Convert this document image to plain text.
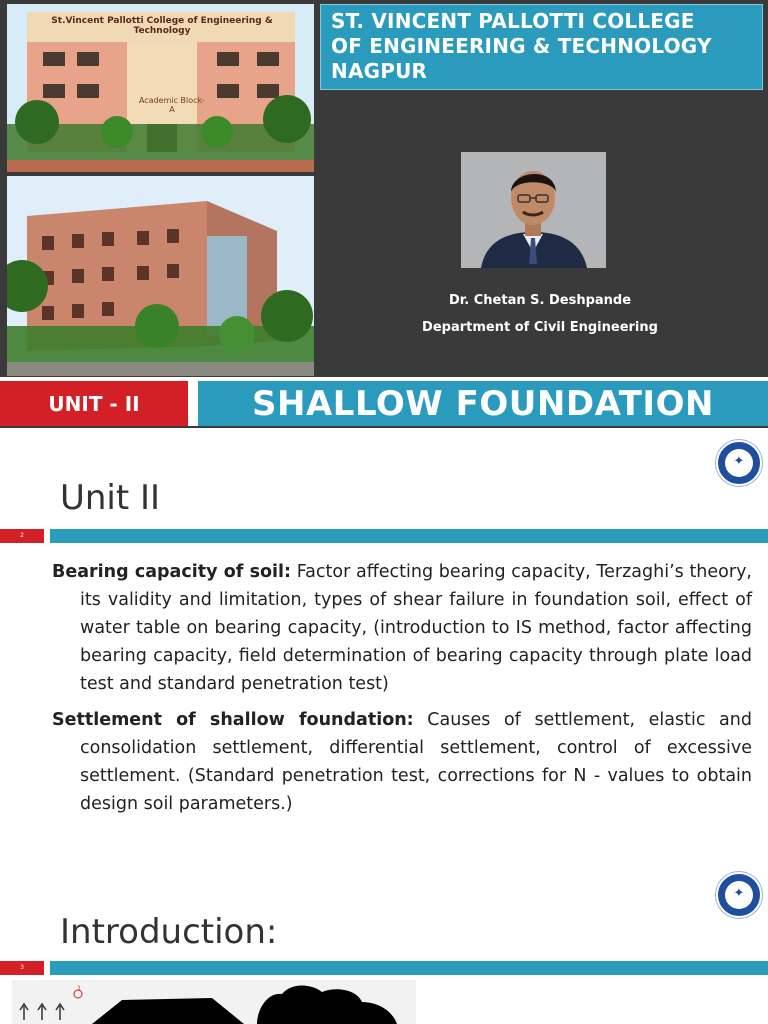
St.Vincent Pallotti College of Engineering & Technology
Academic Block-A
ST. VINCENT PALLOTTI COLLEGE
OF ENGINEERING & TECHNOLOGY
NAGPUR
Dr. Chetan S. Deshpande
Department of Civil Engineering
UNIT - II	SHALLOW FOUNDATION
✦
Unit II
2
Bearing capacity of soil: Factor affecting bearing capacity, Terzaghi’s theory, its validity and limitation, types of shear failure in foundation soil, effect of water table on bearing capacity, (introduction to IS method, factor affecting bearing capacity, field determination of bearing capacity through plate load test and standard penetration test)
Settlement of shallow foundation: Causes of settlement, elastic and consolidation settlement, differential settlement, control of excessive settlement. (Standard penetration test, corrections for N - values to obtain design soil parameters.)
✦
Introduction:
3
1
